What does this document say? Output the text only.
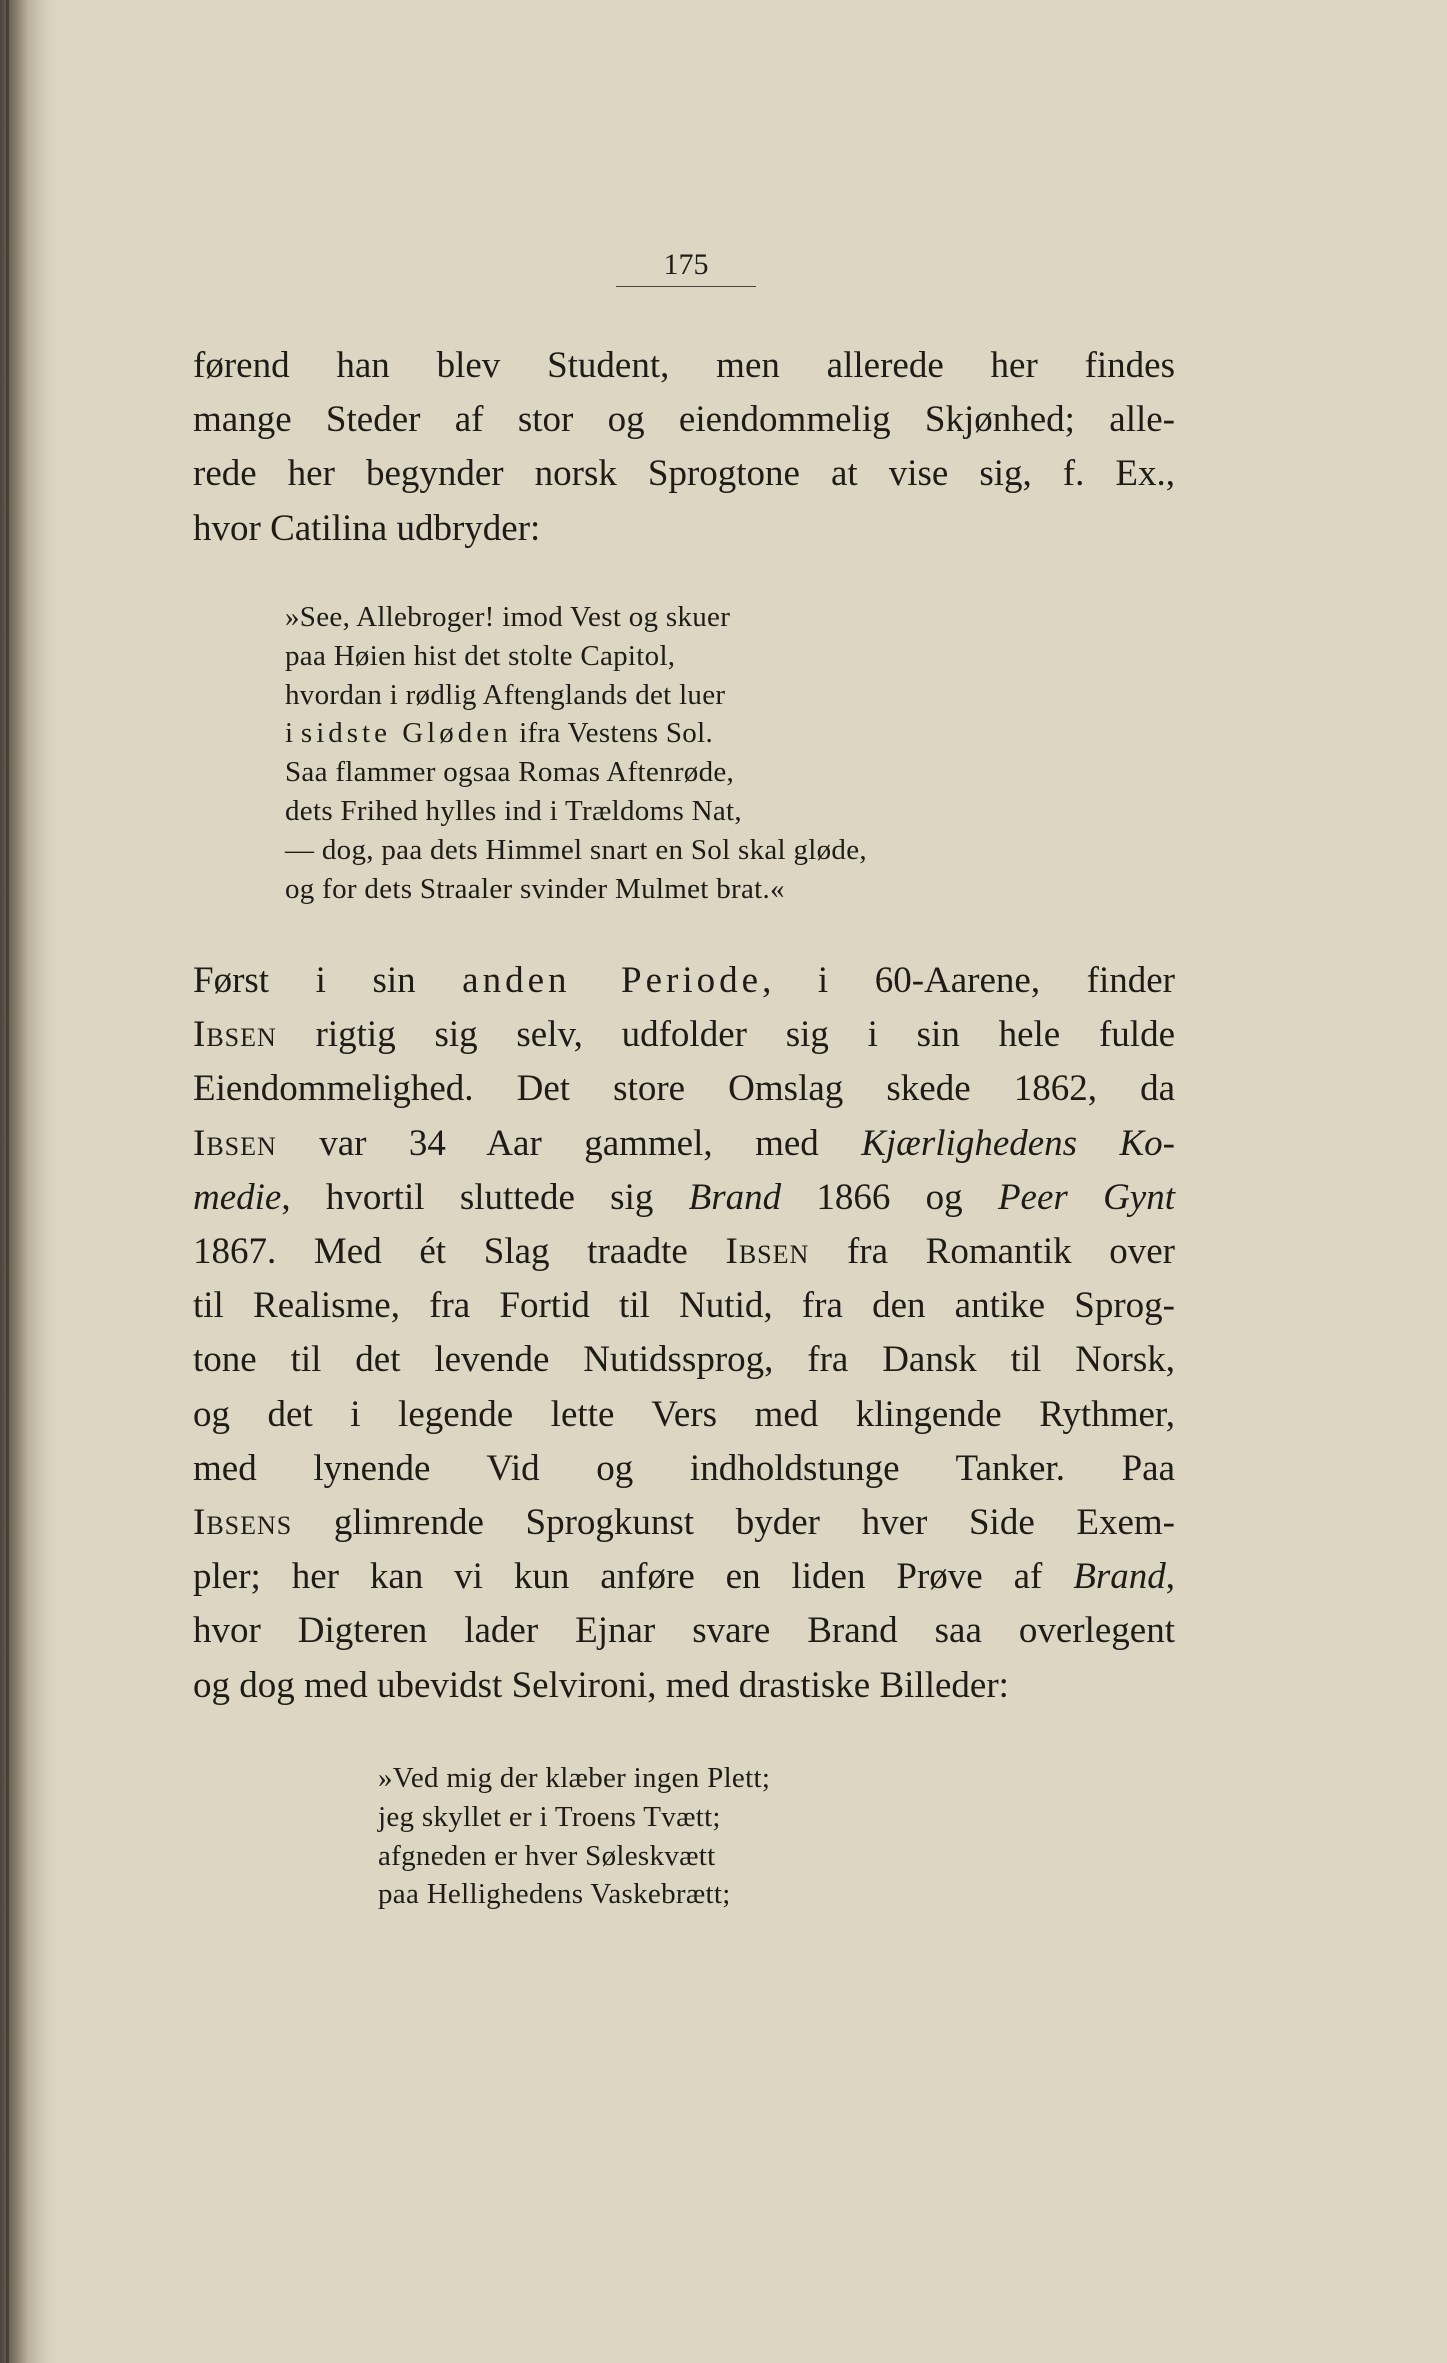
175
førend han blev Student, men allerede her findes
mange Steder af stor og eiendommelig Skjønhed; alle-
rede her begynder norsk Sprogtone at vise sig, f. Ex.,
hvor Catilina udbryder:
»See, Allebroger! imod Vest og skuer
paa Høien hist det stolte Capitol,
hvordan i rødlig Aftenglands det luer
i sidste Gløden ifra Vestens Sol.
Saa flammer ogsaa Romas Aftenrøde,
dets Frihed hylles ind i Trældoms Nat,
— dog, paa dets Himmel snart en Sol skal gløde,
og for dets Straaler svinder Mulmet brat.«
Først i sin anden Periode, i 60-Aarene, finder
Ibsen rigtig sig selv, udfolder sig i sin hele fulde
Eiendommelighed. Det store Omslag skede 1862, da
Ibsen var 34 Aar gammel, med Kjærlighedens Ko-
medie, hvortil sluttede sig Brand 1866 og Peer Gynt
1867. Med ét Slag traadte Ibsen fra Romantik over
til Realisme, fra Fortid til Nutid, fra den antike Sprog-
tone til det levende Nutidssprog, fra Dansk til Norsk,
og det i legende lette Vers med klingende Rythmer,
med lynende Vid og indholdstunge Tanker. Paa
Ibsens glimrende Sprogkunst byder hver Side Exem-
pler; her kan vi kun anføre en liden Prøve af Brand,
hvor Digteren lader Ejnar svare Brand saa overlegent
og dog med ubevidst Selvironi, med drastiske Billeder:
»Ved mig der klæber ingen Plett;
jeg skyllet er i Troens Tvætt;
afgneden er hver Søleskvætt
paa Hellighedens Vaskebrætt;
